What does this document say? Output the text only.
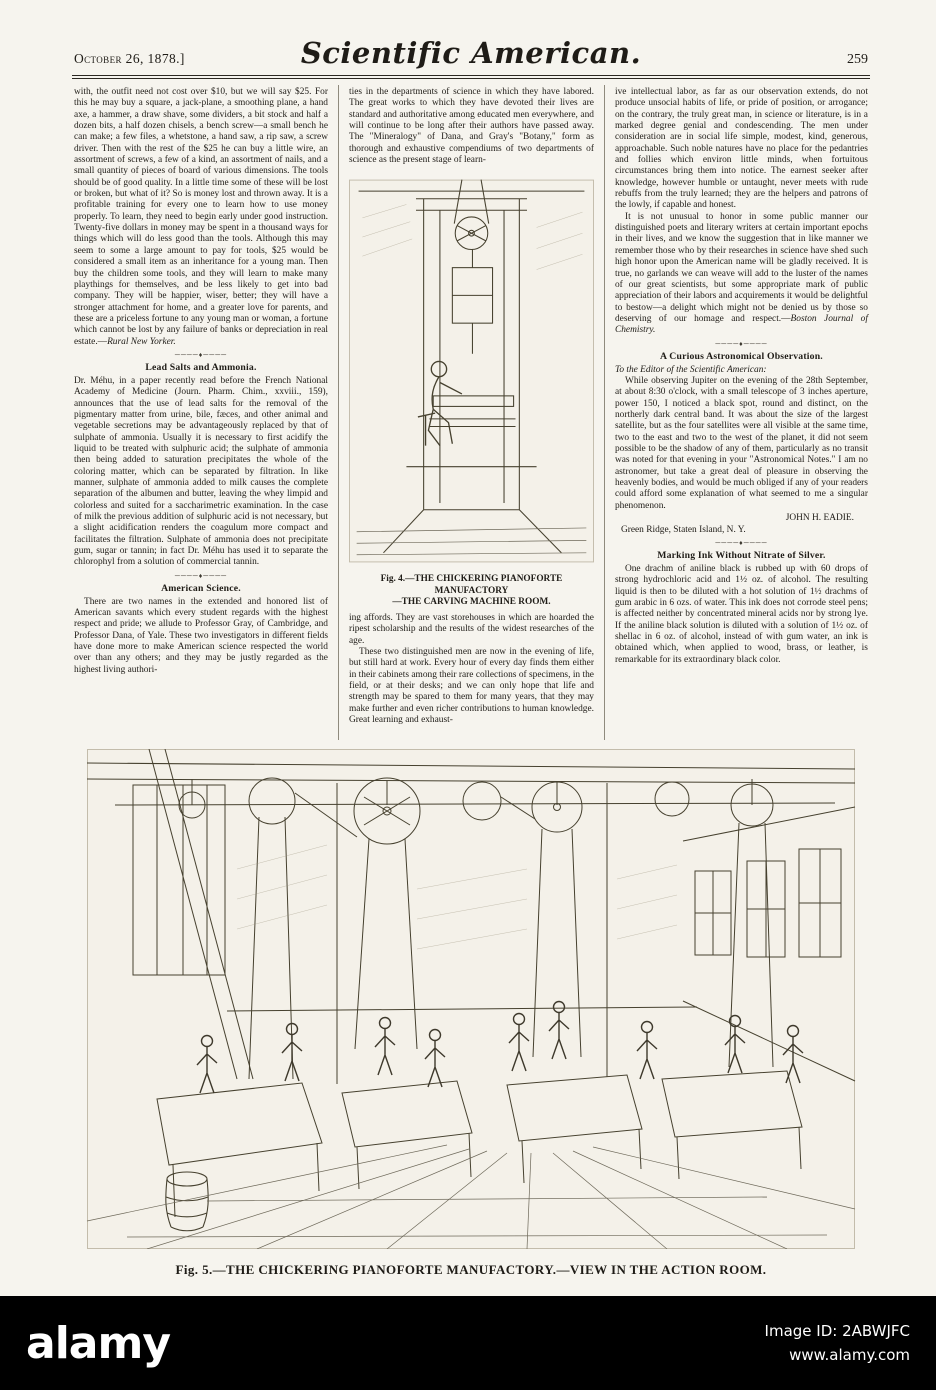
October 26, 1878.]	Scientific American.	259

with, the outfit need not cost over $10, but we will say $25. For this he may buy a square, a jack-plane, a smoothing plane, a hand axe, a hammer, a draw shave, some dividers, a bit stock and half a dozen bits, a half dozen chisels, a bench screw—a small bench he can make; a few files, a whetstone, a hand saw, a rip saw, a screw driver. Then with the rest of the $25 he can buy a little wire, an assortment of screws, a few of a kind, an assortment of nails, and a small quantity of pieces of board of various dimensions. The tools should be of good quality. In a little time some of these will be lost or broken, but what of it? So is money lost and thrown away. It is a profitable training for every one to learn how to use money properly. To learn, they need to begin early under good instruction. Twenty-five dollars in money may be spent in a thousand ways for things which will do less good than the tools. Although this may seem to some a large amount to pay for tools, $25 would be considered a small item as an inheritance for a young man. Then buy the children some tools, and they will learn to make many playthings for themselves, and be less likely to get into bad company. They will be happier, wiser, better; they will have a stronger attachment for home, and a greater love for parents, and these are a priceless fortune to any young man or woman, a fortune which cannot be lost by any failure of banks or depreciation in real estate.—Rural New Yorker.

────♦────
Lead Salts and Ammonia.

Dr. Méhu, in a paper recently read before the French National Academy of Medicine (Journ. Pharm. Chim., xxviii., 159), announces that the use of lead salts for the removal of the pigmentary matter from urine, bile, fæces, and other animal and vegetable secretions may be advantageously replaced by that of sulphate of ammonia. Usually it is necessary to first acidify the liquid to be treated with sulphuric acid; the sulphate of ammonia then being added to saturation precipitates the whole of the coloring matter, which can be separated by filtration. In like manner, sulphate of ammonia added to milk causes the complete separation of the albumen and butter, leaving the whey limpid and colorless and suited for a saccharimetric examination. In the case of milk the previous addition of sulphuric acid is not necessary, but a slight acidification renders the coagulum more compact and facilitates the filtration. Sulphate of ammonia does not precipitate gum, sugar or tannin; in fact Dr. Méhu has used it to separate the chlorophyl from a solution of commercial tannin.

────♦────
American Science.

There are two names in the extended and honored list of American savants which every student regards with the highest respect and pride; we allude to Professor Gray, of Cambridge, and Professor Dana, of Yale. These two investigators in different fields have done more to make American science respected the world over than any others; and they may be justly regarded as the highest living authori-

ties in the departments of science in which they have labored. The great works to which they have devoted their lives are standard and authoritative among educated men everywhere, and will continue to be long after their authors have passed away. The "Mineralogy" of Dana, and Gray's "Botany," form as thorough and exhaustive compendiums of two departments of science as the present stage of learn-

Fig. 4.—THE CHICKERING PIANOFORTE MANUFACTORY
—THE CARVING MACHINE ROOM.

ing affords. They are vast storehouses in which are hoarded the ripest scholarship and the results of the widest researches of the age.

These two distinguished men are now in the evening of life, but still hard at work. Every hour of every day finds them either in their cabinets among their rare collections of specimens, in the field, or at their desks; and we can only hope that life and strength may be spared to them for many years, that they may make further and even richer contributions to human knowledge. Great learning and exhaust-

ive intellectual labor, as far as our observation extends, do not produce unsocial habits of life, or pride of position, or arrogance; on the contrary, the truly great man, in science or literature, is in a marked degree genial and condescending. The men under consideration are in social life simple, modest, kind, generous, approachable. Such noble natures have no place for the pedantries and follies which environ little minds, when fortuitous circumstances bring them into notice. The earnest seeker after knowledge, however humble or untaught, never meets with rude rebuffs from the truly learned; they are the helpers and patrons of the lowly, if capable and honest.

It is not unusual to honor in some public manner our distinguished poets and literary writers at certain important epochs in their lives, and we know the suggestion that in like manner we remember those who by their researches in science have shed such high honor upon the American name will be gladly received. It is true, no garlands we can weave will add to the luster of the names of our great scientists, but some appropriate mark of public appreciation of their labors and acquirements it would be delightful to bestow—a delight which might not be denied us by those so deserving of our homage and respect.—Boston Journal of Chemistry.

────♦────
A Curious Astronomical Observation.

To the Editor of the Scientific American:

While observing Jupiter on the evening of the 28th September, at about 8:30 o'clock, with a small telescope of 3 inches aperture, power 150, I noticed a black spot, round and distinct, on the northerly dark central band. It was about the size of the largest satellite, but as the four satellites were all visible at the same time, two to the east and two to the west of the planet, it did not seem possible to be the shadow of any of them, particularly as no transit was noted for that evening in your "Astronomical Notes." I am no astronomer, but take a great deal of pleasure in observing the heavenly bodies, and would be much obliged if any of your readers could afford some explanation of what seemed to me a singular phenomenon.

JOHN H. EADIE.

Green Ridge, Staten Island, N. Y.

────♦────
Marking Ink Without Nitrate of Silver.

One drachm of aniline black is rubbed up with 60 drops of strong hydrochloric acid and 1½ oz. of alcohol. The resulting liquid is then to be diluted with a hot solution of 1½ drachms of gum arabic in 6 ozs. of water. This ink does not corrode steel pens; is affected neither by concentrated mineral acids nor by strong lye. If the aniline black solution is diluted with a solution of 1½ oz. of shellac in 6 oz. of alcohol, instead of with gum water, an ink is obtained which, when applied to wood, brass, or leather, is remarkable for its extraordinary black color.

Fig. 5.—THE CHICKERING PIANOFORTE MANUFACTORY.—VIEW IN THE ACTION ROOM.
alamy	Image ID: 2ABWJFC
www.alamy.com
